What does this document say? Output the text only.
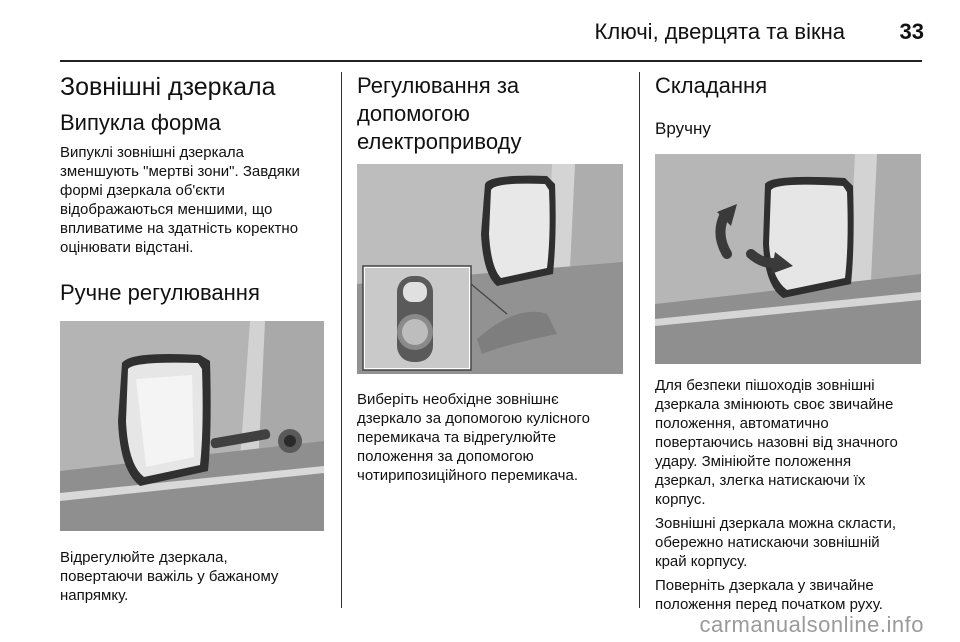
Ключі, дверцята та вікна	33
Зовнішні дзеркала
Випукла форма

Випуклі зовнішні дзеркала
зменшують "мертві зони". Завдяки
формі дзеркала об'єкти
відображаються меншими, що
впливатиме на здатність коректно
оцінювати відстані.

Ручне регулювання

Відрегулюйте дзеркала,
повертаючи важіль у бажаному
напрямку.

Регулювання за
допомогою
електроприводу

Виберіть необхідне зовнішнє
дзеркало за допомогою кулісного
перемикача та відрегулюйте
положення за допомогою
чотирипозиційного перемикача.

Складання
Вручну

Для безпеки пішоходів зовнішні
дзеркала змінюють своє звичайне
положення, автоматично
повертаючись назовні від значного
удару. Змініюйте положення
дзеркал, злегка натискаючи їх
корпус.

Зовнішні дзеркала можна скласти,
обережно натискаючи зовнішній
край корпусу.

Поверніть дзеркала у звичайне
положення перед початком руху.

carmanualsonline.info
